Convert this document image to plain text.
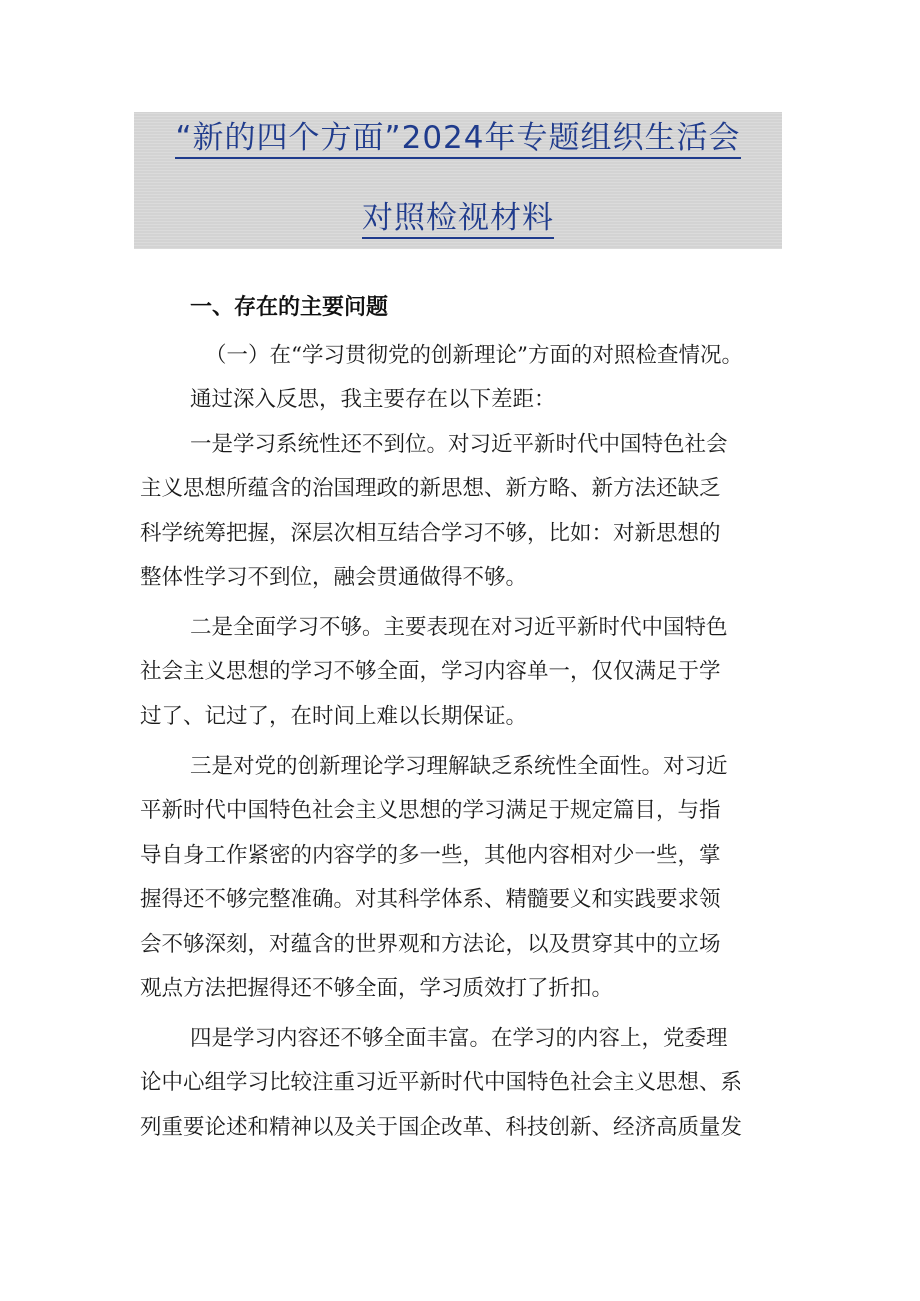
“新的四个方面”2024年专题组织生活会
对照检视材料
一、存在的主要问题
（一）在“学习贯彻党的创新理论”方面的对照检查情况。
通过深入反思，我主要存在以下差距：
一是学习系统性还不到位。对习近平新时代中国特色社会
主义思想所蕴含的治国理政的新思想、新方略、新方法还缺乏
科学统筹把握，深层次相互结合学习不够，比如：对新思想的
整体性学习不到位，融会贯通做得不够。
二是全面学习不够。主要表现在对习近平新时代中国特色
社会主义思想的学习不够全面，学习内容单一，仅仅满足于学
过了、记过了，在时间上难以长期保证。
三是对党的创新理论学习理解缺乏系统性全面性。对习近
平新时代中国特色社会主义思想的学习满足于规定篇目，与指
导自身工作紧密的内容学的多一些，其他内容相对少一些，掌
握得还不够完整准确。对其科学体系、精髓要义和实践要求领
会不够深刻，对蕴含的世界观和方法论，以及贯穿其中的立场
观点方法把握得还不够全面，学习质效打了折扣。
四是学习内容还不够全面丰富。在学习的内容上，党委理
论中心组学习比较注重习近平新时代中国特色社会主义思想、系
列重要论述和精神以及关于国企改革、科技创新、经济高质量发
